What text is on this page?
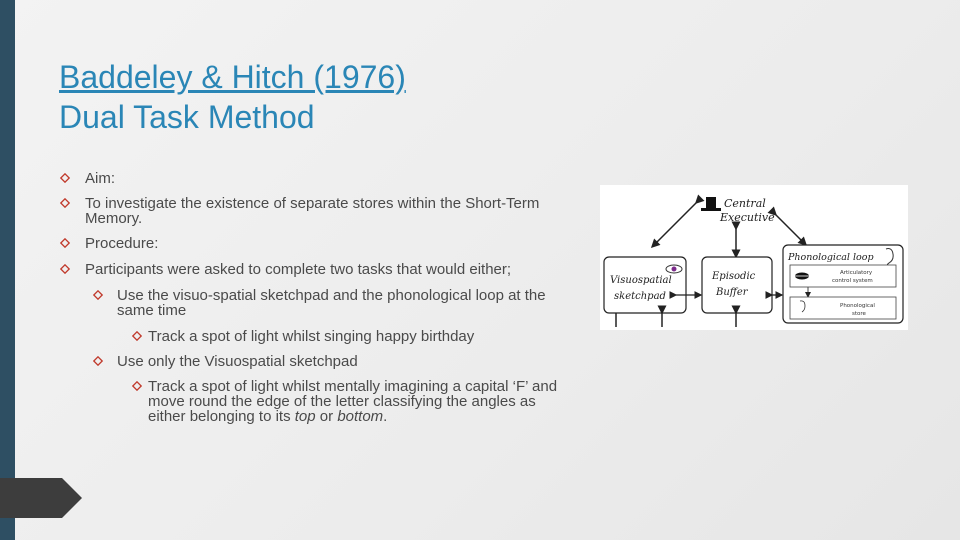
Baddeley & Hitch (1976)
Dual Task Method
Aim:
To investigate the existence of separate stores within the Short-Term Memory.
Procedure:
Participants were asked to complete two tasks that would either;
Use the visuo-spatial sketchpad and the phonological loop at the same time
Track a spot of light whilst singing happy birthday
Use only the Visuospatial sketchpad
Track a spot of light whilst mentally imagining a capital ‘F’ and move round the edge of the letter classifying the angles as either belonging to its top or bottom.
Central
Executive
Visuospatial
sketchpad
Episodic
Buffer
Phonological loop
Articulatory
control system
Phonological
store
